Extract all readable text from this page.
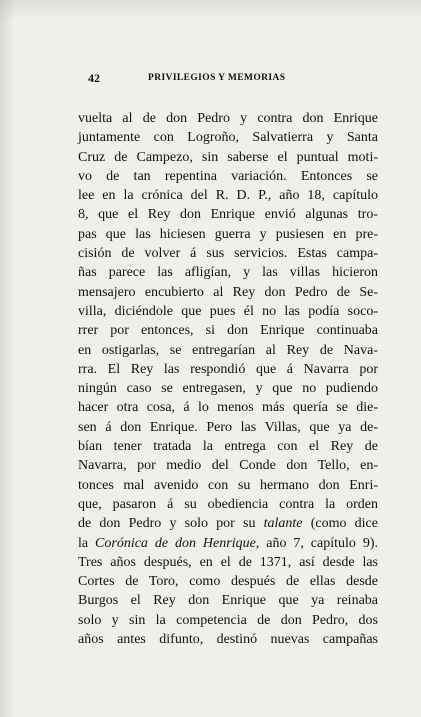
42	PRIVILEGIOS Y MEMORIAS
vuelta al de don Pedro y contra don Enrique
juntamente con Logroño, Salvatierra y Santa
Cruz de Campezo, sin saberse el puntual moti-
vo de tan repentina variación. Entonces se
lee en la crónica del R. D. P., año 18, capítulo
8, que el Rey don Enrique envió algunas tro-
pas que las hiciesen guerra y pusiesen en pre-
cisión de volver á sus servicios. Estas campa-
ñas parece las afligían, y las villas hicieron
mensajero encubierto al Rey don Pedro de Se-
villa, diciéndole que pues él no las podía soco-
rrer por entonces, si don Enrique continuaba
en ostigarlas, se entregarían al Rey de Nava-
rra. El Rey las respondió que á Navarra por
ningún caso se entregasen, y que no pudiendo
hacer otra cosa, á lo menos más quería se die-
sen á don Enrique. Pero las Villas, que ya de-
bían tener tratada la entrega con el Rey de
Navarra, por medio del Conde don Tello, en-
tonces mal avenido con su hermano don Enri-
que, pasaron á su obediencia contra la orden
de don Pedro y solo por su talante (como dice
la Corónica de don Henrique, año 7, capítulo 9).
Tres años después, en el de 1371, así desde las
Cortes de Toro, como después de ellas desde
Burgos el Rey don Enrique que ya reinaba
solo y sin la competencia de don Pedro, dos
años antes difunto, destinó nuevas campañas
